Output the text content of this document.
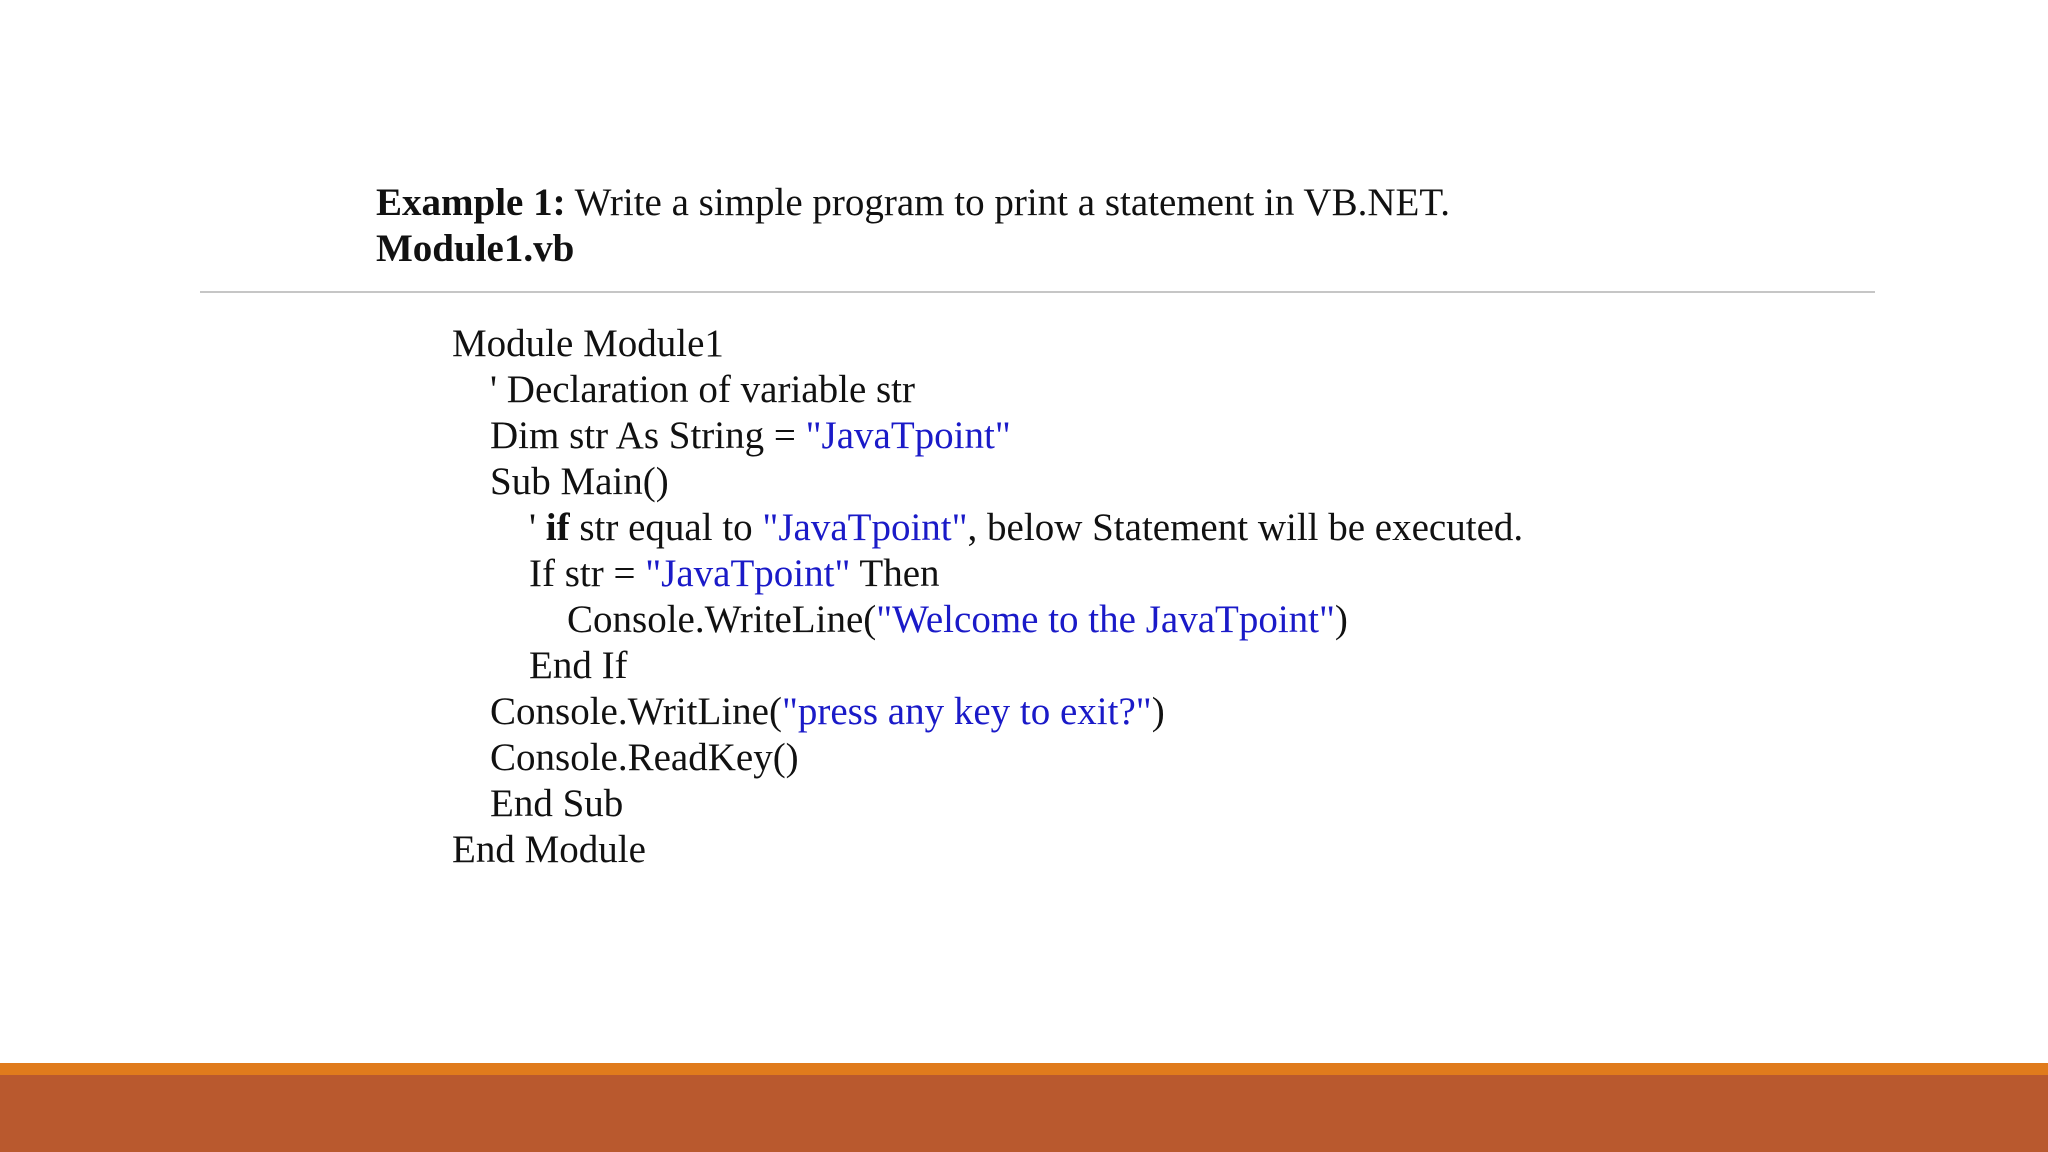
Example 1: Write a simple program to print a statement in VB.NET.
Module1.vb
Module Module1
' Declaration of variable str
Dim str As String = "JavaTpoint"
Sub Main()
' if str equal to "JavaTpoint", below Statement will be executed.
If str = "JavaTpoint" Then
Console.WriteLine("Welcome to the JavaTpoint")
End If
Console.WritLine("press any key to exit?")
Console.ReadKey()
End Sub
End Module
